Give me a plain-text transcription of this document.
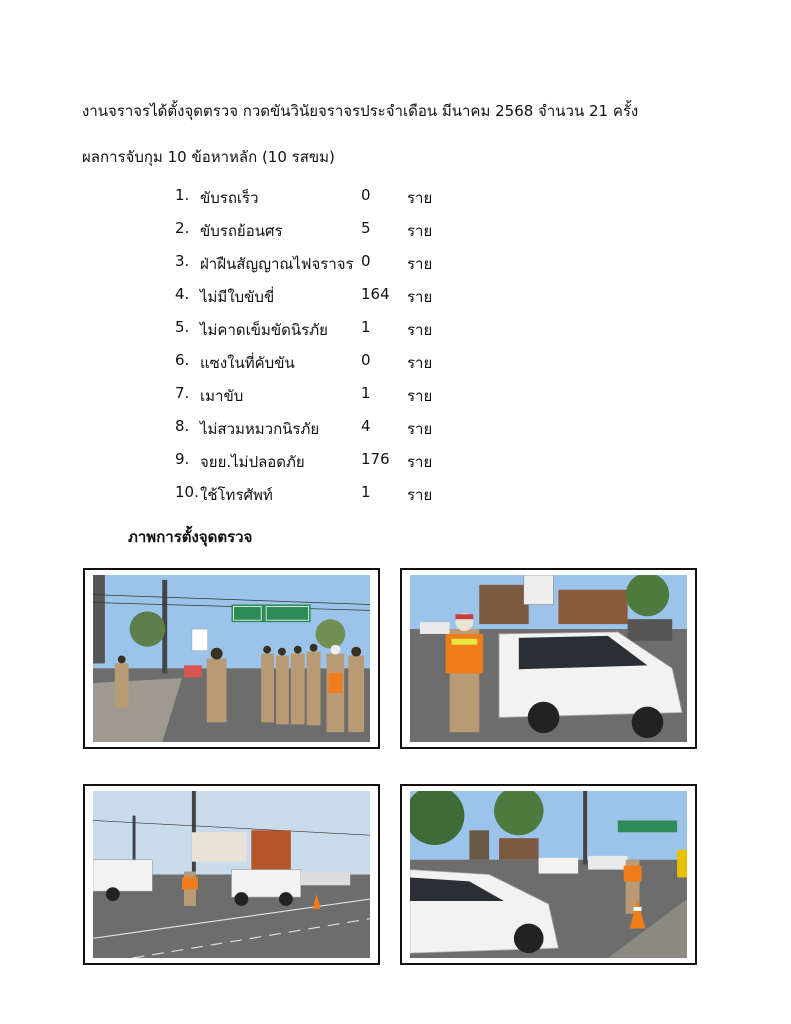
งานจราจรได้ตั้งจุดตรวจ กวดขันวินัยจราจรประจำเดือน มีนาคม 2568 จำนวน 21 ครั้ง
ผลการจับกุม 10 ข้อหาหลัก (10 รสขม)
1. ขับรถเร็ว	0 ราย
2. ขับรถย้อนศร	5 ราย
3. ฝ่าฝืนสัญญาณไฟจราจร 0 ราย
4. ไม่มีใบขับขี่	164 ราย
5. ไม่คาดเข็มขัดนิรภัย 1 ราย
6. แซงในที่คับขัน	0 ราย
7. เมาขับ	1 ราย
8. ไม่สวมหมวกนิรภัย	4 ราย
9. จยย.ไม่ปลอดภัย	176 ราย
10. ใช้โทรศัพท์	1 ราย
ภาพการตั้งจุดตรวจ
